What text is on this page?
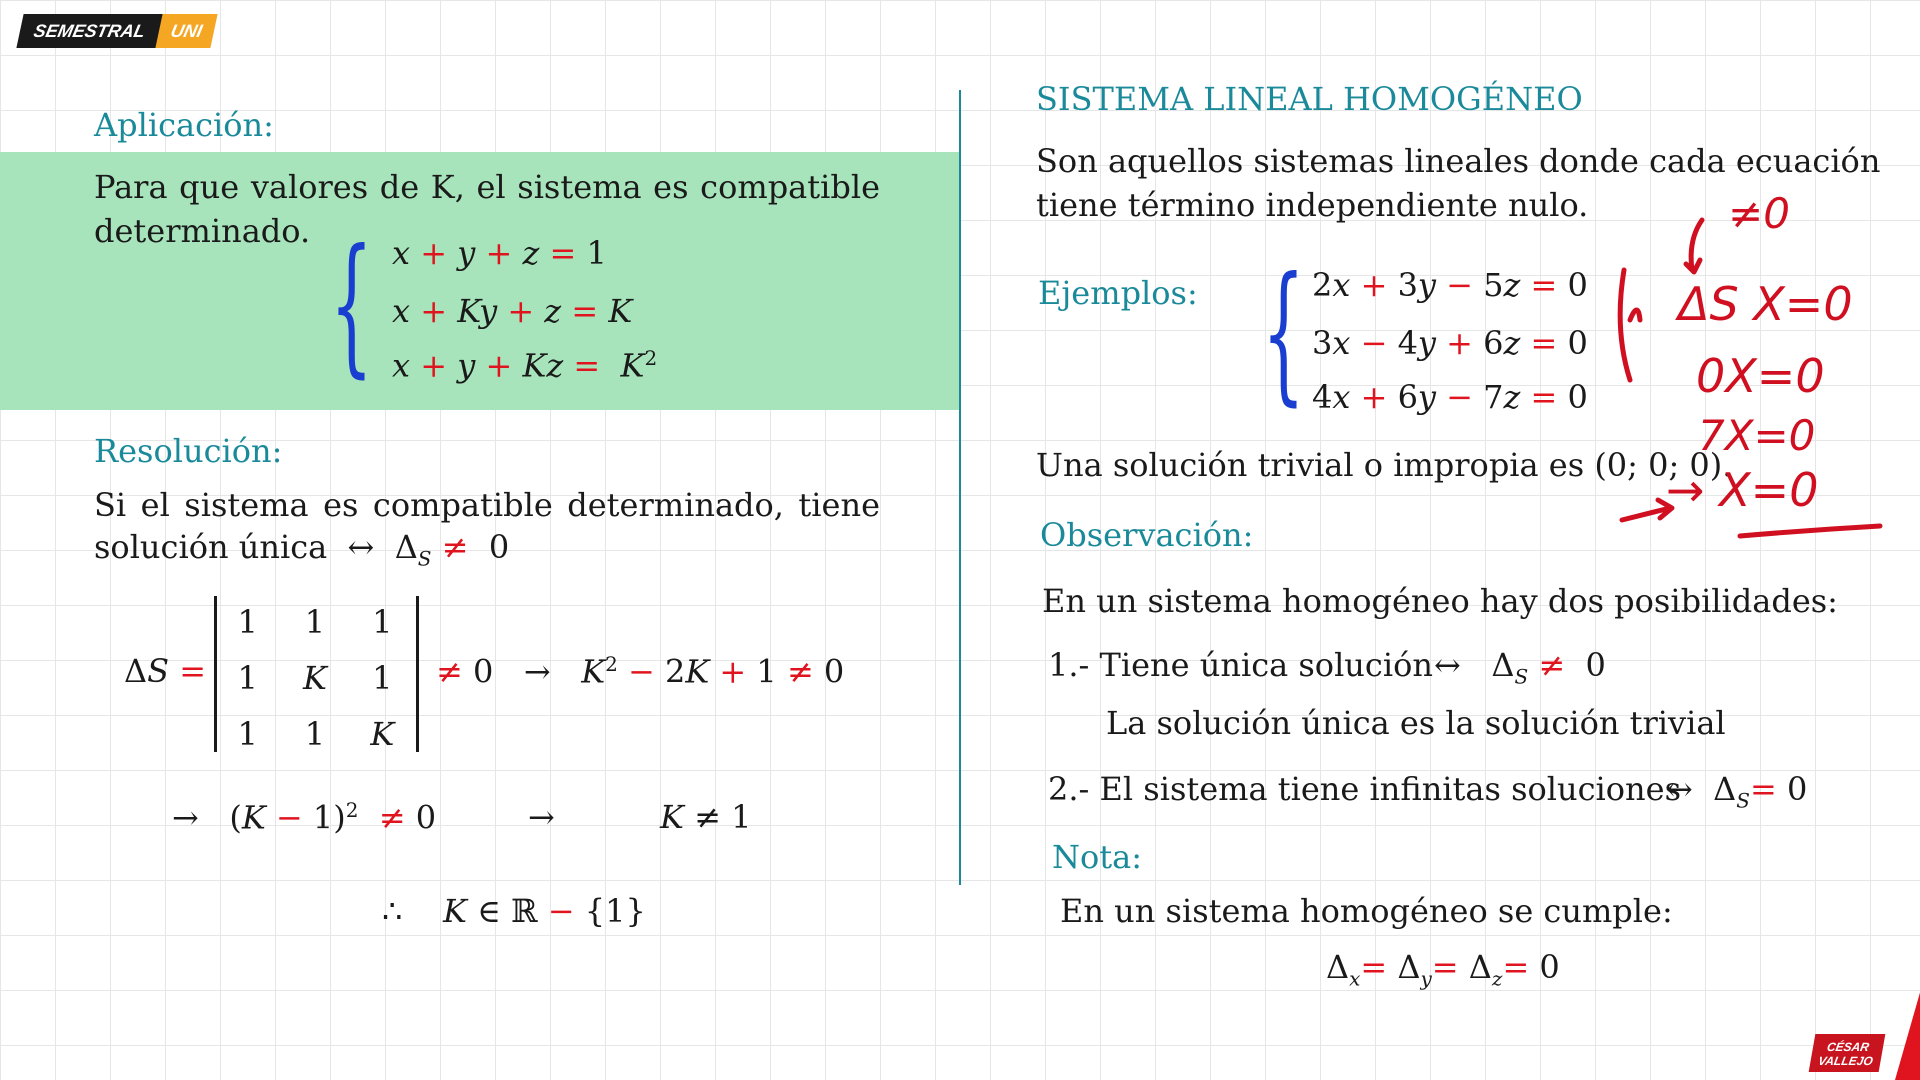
SEMESTRAL	UNI
Aplicación:
Para que valores de K, el sistema es compatible
determinado. { x + y + z = 1
x + Ky + z = K
$x + y + Kz = K^2$
Resolución:
Si el sistema es compatible determinado, tiene
solución única ↔ $\Delta_S \ne 0$
ΔS =
1	1	1
1	K	1
1	1	K
≠ $0 \to K^2 - 2K + 1 \ne 0$
→   $(K - 1)^2 \ne 0$	→	K ≠ 1
∴    K ∈ ℝ − {1}
SISTEMA LINEAL HOMOGÉNEO
Son aquellos sistemas lineales donde cada ecuación
tiene término independiente nulo.
Ejemplos: { 2x + 3y − 5z = 0
3x − 4y + 6z = 0
4x + 6y − 7z = 0
Una solución trivial o impropia es (0; 0; 0).
Observación:
En un sistema homogéneo hay dos posibilidades:
1.- Tiene única solución ↔   $\Delta_S \ne 0$
La solución única es la solución trivial
2.- El sistema tiene infinitas soluciones
↔  $\Delta_S= 0$
Nota:
En un sistema homogéneo se cumple:
$\Delta_x= \Delta_y= \Delta_z= 0$
≠0
ΔS X=0
0X=0
7X=0
→ X=0
CÉSAR VALLEJO
